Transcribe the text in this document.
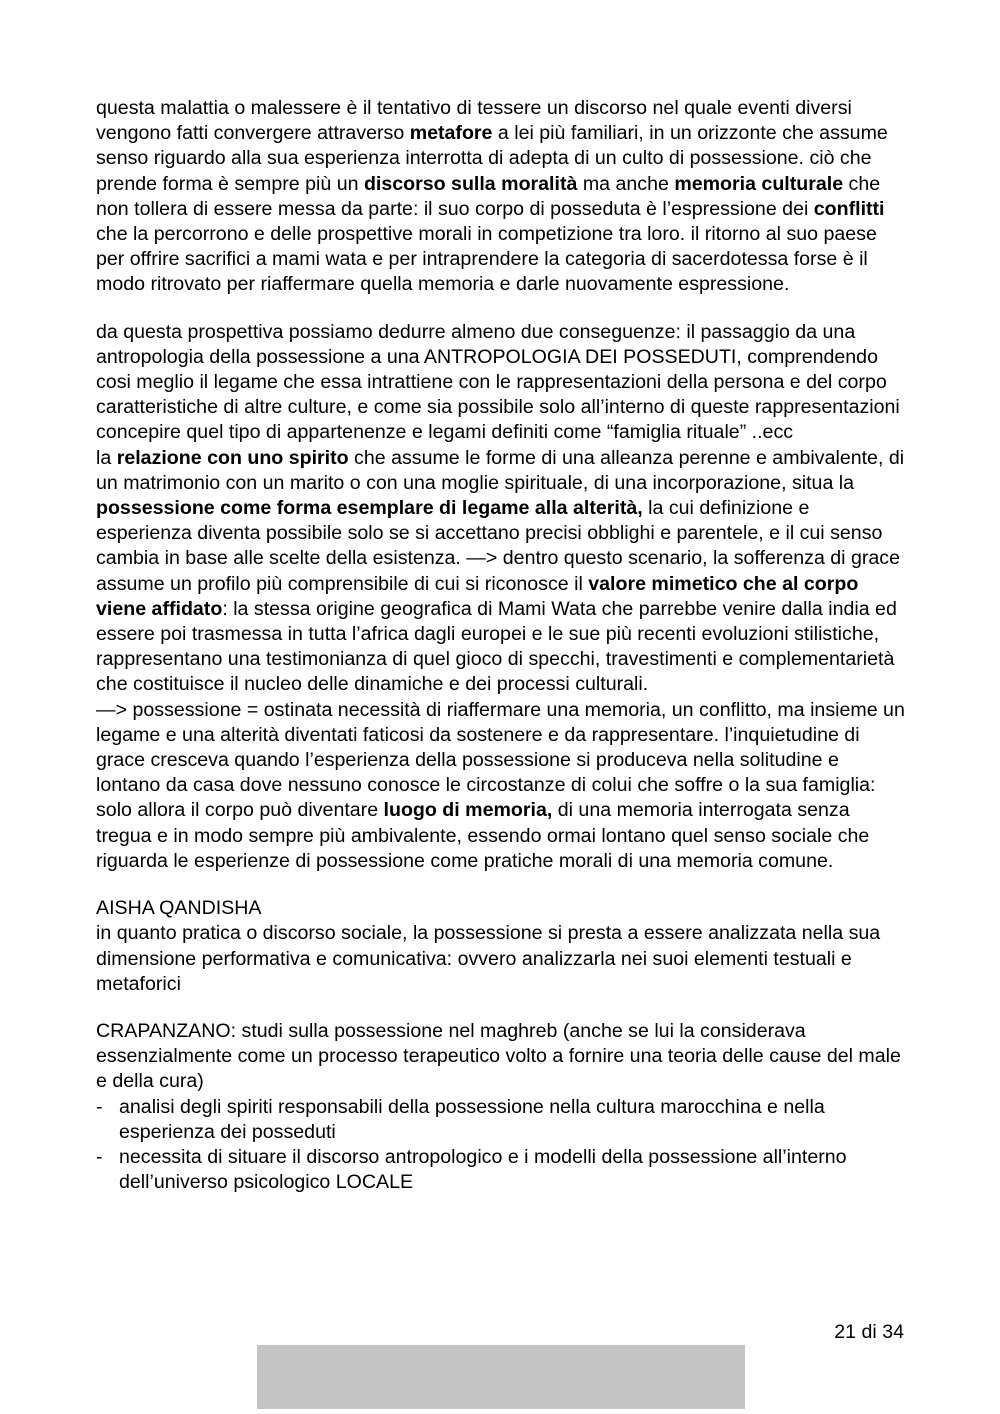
questa malattia o malessere è il tentativo di tessere un discorso nel quale eventi diversi vengono fatti convergere attraverso metafore a lei più familiari, in un orizzonte che assume senso riguardo alla sua esperienza interrotta di adepta di un culto di possessione. ciò che prende forma è sempre più un discorso sulla moralità ma anche memoria culturale che non tollera di essere messa da parte: il suo corpo di posseduta è l’espressione dei conflitti che la percorrono e delle prospettive morali in competizione tra loro. il ritorno al suo paese per offrire sacrifici a mami wata e per intraprendere la categoria di sacerdotessa forse è il modo ritrovato per riaffermare quella memoria e darle nuovamente espressione.

da questa prospettiva possiamo dedurre almeno due conseguenze: il passaggio da una antropologia della possessione a una ANTROPOLOGIA DEI POSSEDUTI, comprendendo cosi meglio il legame che essa intrattiene con le rappresentazioni della persona e del corpo caratteristiche di altre culture, e come sia possibile solo all’interno di queste rappresentazioni concepire quel tipo di appartenenze e legami definiti come “famiglia rituale” ..ecc

la relazione con uno spirito che assume le forme di una alleanza perenne e ambivalente, di un matrimonio con un marito o con una moglie spirituale, di una incorporazione, situa la possessione come forma esemplare di legame alla alterità, la cui definizione e esperienza diventa possibile solo se si accettano precisi obblighi e parentele, e il cui senso cambia in base alle scelte della esistenza. —> dentro questo scenario, la sofferenza di grace assume un profilo più comprensibile di cui si riconosce il valore mimetico che al corpo viene affidato: la stessa origine geografica di Mami Wata che parrebbe venire dalla india ed essere poi trasmessa in tutta l’africa dagli europei e le sue più recenti evoluzioni stilistiche, rappresentano una testimonianza di quel gioco di specchi, travestimenti e complementarietà che costituisce il nucleo delle dinamiche e dei processi culturali.

—> possessione = ostinata necessità di riaffermare una memoria, un conflitto, ma insieme un legame e una alterità diventati faticosi da sostenere e da rappresentare. l’inquietudine di grace cresceva quando l’esperienza della possessione si produceva nella solitudine e lontano da casa dove nessuno conosce le circostanze di colui che soffre o la sua famiglia: solo allora il corpo può diventare luogo di memoria, di una memoria interrogata senza tregua e in modo sempre più ambivalente, essendo ormai lontano quel senso sociale che riguarda le esperienze di possessione come pratiche morali di una memoria comune.

AISHA QANDISHA

in quanto pratica o discorso sociale, la possessione si presta a essere analizzata nella sua dimensione performativa e comunicativa: ovvero analizzarla nei suoi elementi testuali e metaforici

CRAPANZANO: studi sulla possessione nel maghreb (anche se lui la considerava essenzialmente come un processo terapeutico volto a fornire una teoria delle cause del male e della cura)

- analisi degli spiriti responsabili della possessione nella cultura marocchina e nella esperienza dei posseduti
- necessita di situare il discorso antropologico e i modelli della possessione all’interno dell’universo psicologico LOCALE
21 di 34
